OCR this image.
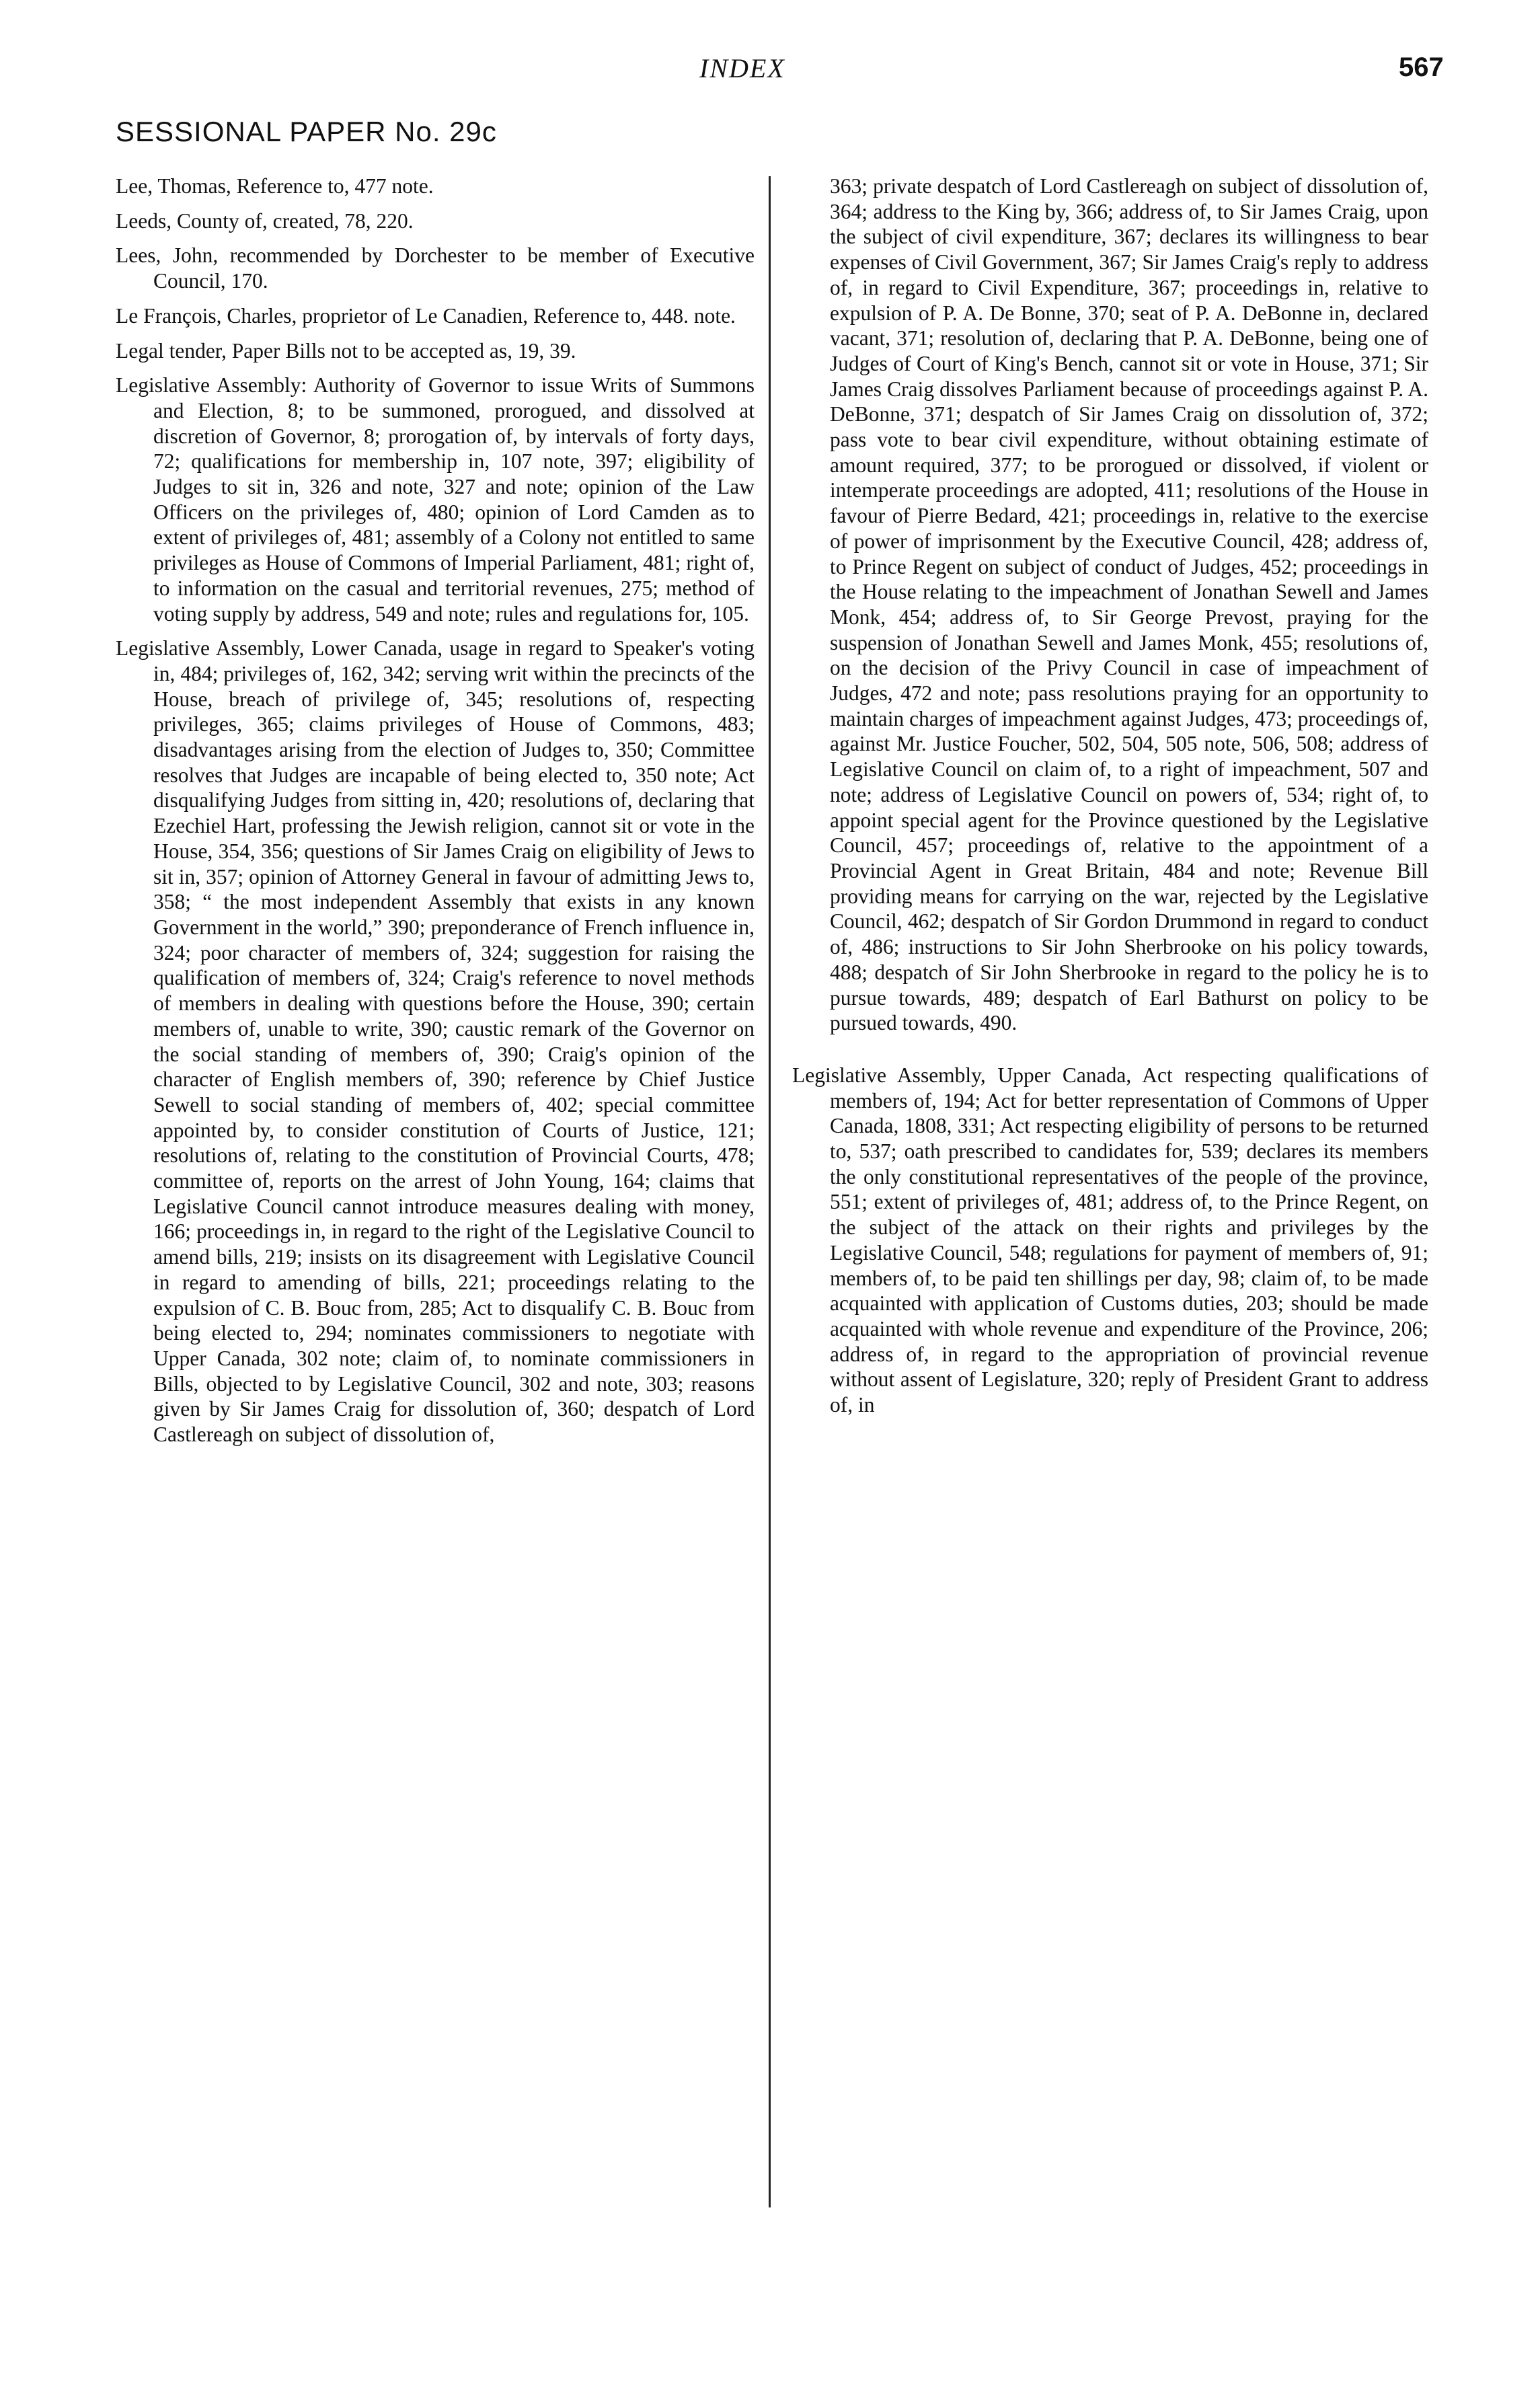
INDEX	567
SESSIONAL PAPER No. 29c

Lee, Thomas, Reference to, 477 note.

Leeds, County of, created, 78, 220.

Lees, John, recommended by Dorchester to be member of Executive Council, 170.

Le François, Charles, proprietor of Le Canadien, Reference to, 448. note.

Legal tender, Paper Bills not to be accepted as, 19, 39.

Legislative Assembly: Authority of Governor to issue Writs of Summons and Election, 8; to be summoned, prorogued, and dissolved at discretion of Governor, 8; prorogation of, by intervals of forty days, 72; qualifications for membership in, 107 note, 397; eligibility of Judges to sit in, 326 and note, 327 and note; opinion of the Law Officers on the privileges of, 480; opinion of Lord Camden as to extent of privileges of, 481; assembly of a Colony not entitled to same privileges as House of Commons of Imperial Parliament, 481; right of, to information on the casual and territorial revenues, 275; method of voting supply by address, 549 and note; rules and regulations for, 105.

Legislative Assembly, Lower Canada, usage in regard to Speaker's voting in, 484; privileges of, 162, 342; serving writ within the precincts of the House, breach of privilege of, 345; resolutions of, respecting privileges, 365; claims privileges of House of Commons, 483; disadvantages arising from the election of Judges to, 350; Committee resolves that Judges are incapable of being elected to, 350 note; Act disqualifying Judges from sitting in, 420; resolutions of, declaring that Ezechiel Hart, professing the Jewish religion, cannot sit or vote in the House, 354, 356; questions of Sir James Craig on eligibility of Jews to sit in, 357; opinion of Attorney General in favour of admitting Jews to, 358; “ the most independent Assembly that exists in any known Government in the world,” 390; preponderance of French influence in, 324; poor character of members of, 324; suggestion for raising the qualification of members of, 324; Craig's reference to novel methods of members in dealing with questions before the House, 390; certain members of, unable to write, 390; caustic remark of the Governor on the social standing of members of, 390; Craig's opinion of the character of English members of, 390; reference by Chief Justice Sewell to social standing of members of, 402; special committee appointed by, to consider constitution of Courts of Justice, 121; resolutions of, relating to the constitution of Provincial Courts, 478; committee of, reports on the arrest of John Young, 164; claims that Legislative Council cannot introduce measures dealing with money, 166; proceedings in, in regard to the right of the Legislative Council to amend bills, 219; insists on its disagreement with Legislative Council in regard to amending of bills, 221; proceedings relating to the expulsion of C. B. Bouc from, 285; Act to disqualify C. B. Bouc from being elected to, 294; nominates commissioners to negotiate with Upper Canada, 302 note; claim of, to nominate commissioners in Bills, objected to by Legislative Council, 302 and note, 303; reasons given by Sir James Craig for dissolution of, 360; despatch of Lord Castlereagh on subject of dissolution of,

363; private despatch of Lord Castlereagh on subject of dissolution of, 364; address to the King by, 366; address of, to Sir James Craig, upon the subject of civil expenditure, 367; declares its willingness to bear expenses of Civil Government, 367; Sir James Craig's reply to address of, in regard to Civil Expenditure, 367; proceedings in, relative to expulsion of P. A. De Bonne, 370; seat of P. A. DeBonne in, declared vacant, 371; resolution of, declaring that P. A. DeBonne, being one of Judges of Court of King's Bench, cannot sit or vote in House, 371; Sir James Craig dissolves Parliament because of proceedings against P. A. DeBonne, 371; despatch of Sir James Craig on dissolution of, 372; pass vote to bear civil expenditure, without obtaining estimate of amount required, 377; to be prorogued or dissolved, if violent or intemperate proceedings are adopted, 411; resolutions of the House in favour of Pierre Bedard, 421; proceedings in, relative to the exercise of power of imprisonment by the Executive Council, 428; address of, to Prince Regent on subject of conduct of Judges, 452; proceedings in the House relating to the impeachment of Jonathan Sewell and James Monk, 454; address of, to Sir George Prevost, praying for the suspension of Jonathan Sewell and James Monk, 455; resolutions of, on the decision of the Privy Council in case of impeachment of Judges, 472 and note; pass resolutions praying for an opportunity to maintain charges of impeachment against Judges, 473; proceedings of, against Mr. Justice Foucher, 502, 504, 505 note, 506, 508; address of Legislative Council on claim of, to a right of impeachment, 507 and note; address of Legislative Council on powers of, 534; right of, to appoint special agent for the Province questioned by the Legislative Council, 457; proceedings of, relative to the appointment of a Provincial Agent in Great Britain, 484 and note; Revenue Bill providing means for carrying on the war, rejected by the Legislative Council, 462; despatch of Sir Gordon Drummond in regard to conduct of, 486; instructions to Sir John Sherbrooke on his policy towards, 488; despatch of Sir John Sherbrooke in regard to the policy he is to pursue towards, 489; despatch of Earl Bathurst on policy to be pursued towards, 490.

Legislative Assembly, Upper Canada, Act respecting qualifications of members of, 194; Act for better representation of Commons of Upper Canada, 1808, 331; Act respecting eligibility of persons to be returned to, 537; oath prescribed to candidates for, 539; declares its members the only constitutional representatives of the people of the province, 551; extent of privileges of, 481; address of, to the Prince Regent, on the subject of the attack on their rights and privileges by the Legislative Council, 548; regulations for payment of members of, 91; members of, to be paid ten shillings per day, 98; claim of, to be made acquainted with application of Customs duties, 203; should be made acquainted with whole revenue and expenditure of the Province, 206; address of, in regard to the appropriation of provincial revenue without assent of Legislature, 320; reply of President Grant to address of, in
